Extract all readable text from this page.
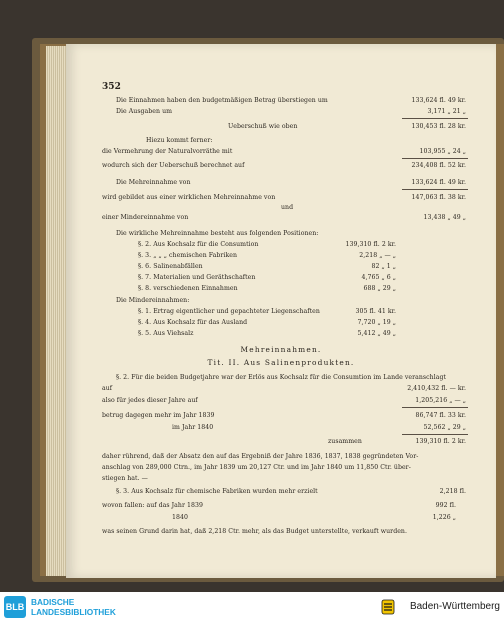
352
Die Einnahmen haben den budgetmäßigen Betrag überstiegen um	133,624 fl. 49 kr.
Die Ausgaben um	3,171 „ 21 „
Ueberschuß wie oben	130,453 fl. 28 kr.
Hiezu kommt ferner:
die Vermehrung der Naturalvorräthe mit	103,955 „ 24 „
wodurch sich der Ueberschuß berechnet auf	234,408 fl. 52 kr.
Die Mehreinnahme von	133,624 fl. 49 kr.
wird gebildet aus einer wirklichen Mehreinnahme von	147,063 fl. 38 kr.
und
einer Mindereinnahme von	13,438 „ 49 „
Die wirkliche Mehreinnahme besteht aus folgenden Positionen:
§. 2. Aus Kochsalz für die Consumtion	139,310 fl. 2 kr.
§. 3. „ „ „ chemischen Fabriken	2,218 „ — „
§. 6. Salinenabfällen	82 „ 1 „
§. 7. Materialien und Geräthschaften	4,765 „ 6 „
§. 8. verschiedenen Einnahmen	688 „ 29 „
Die Mindereinnahmen:
§. 1. Ertrag eigentlicher und gepachteter Liegenschaften	305 fl. 41 kr.
§. 4. Aus Kochsalz für das Ausland	7,720 „ 19 „
§. 5. Aus Viehsalz	5,412 „ 49 „
Mehreinnahmen.
Tit. II. Aus Salinenprodukten.
§. 2. Für die beiden Budgetjahre war der Erlös aus Kochsalz für die Consumtion im Lande veranschlagt
auf	2,410,432 fl. — kr.
also für jedes dieser Jahre auf	1,205,216 „ — „
betrug dagegen mehr im Jahr 1839	86,747 fl. 33 kr.
im Jahr 1840	52,562 „ 29 „
zusammen	139,310 fl. 2 kr.
daher rührend, daß der Absatz den auf das Ergebniß der Jahre 1836, 1837, 1838 gegründeten Vor-
anschlag von 289,000 Ctrn., im Jahr 1839 um 20,127 Ctr. und im Jahr 1840 um 11,850 Ctr. über-
stiegen hat. —
§. 3. Aus Kochsalz für chemische Fabriken wurden mehr erzielt	2,218 fl.
wovon fallen: auf das Jahr 1839	992 fl.
1840	1,226 „
was seinen Grund darin hat, daß 2,218 Ctr. mehr, als das Budget unterstellte, verkauft wurden.
BLB BADISCHE
LANDESBIBLIOTHEK	Baden-Württemberg
